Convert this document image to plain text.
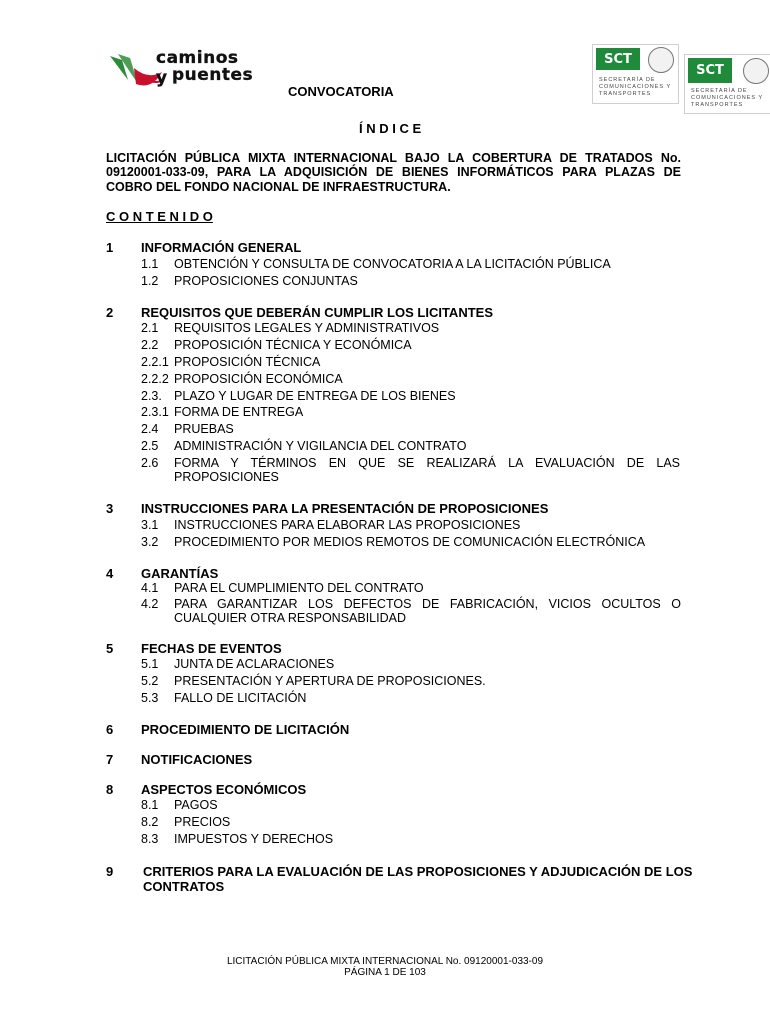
caminos y puentes
SCT
SECRETARÍA DE COMUNICACIONES Y TRANSPORTES
SCT
SECRETARÍA DE COMUNICACIONES Y TRANSPORTES
CONVOCATORIA
Í N D I C E
LICITACIÓN PÚBLICA MIXTA INTERNACIONAL BAJO LA COBERTURA DE TRATADOS No.
09120001-033-09, PARA LA ADQUISICIÓN DE BIENES INFORMÁTICOS PARA PLAZAS DE
COBRO DEL FONDO NACIONAL DE INFRAESTRUCTURA.
C O N T E N I D O
1 INFORMACIÓN GENERAL
1.1 OBTENCIÓN Y CONSULTA DE CONVOCATORIA A LA LICITACIÓN PÚBLICA
1.2 PROPOSICIONES CONJUNTAS
2 REQUISITOS QUE DEBERÁN CUMPLIR LOS LICITANTES
2.1 REQUISITOS LEGALES Y ADMINISTRATIVOS
2.2 PROPOSICIÓN TÉCNICA Y ECONÓMICA
2.2.1 PROPOSICIÓN TÉCNICA
2.2.2 PROPOSICIÓN ECONÓMICA
2.3. PLAZO Y LUGAR DE ENTREGA DE LOS BIENES
2.3.1 FORMA DE ENTREGA
2.4 PRUEBAS
2.5 ADMINISTRACIÓN Y VIGILANCIA DEL CONTRATO
2.6 FORMA Y TÉRMINOS EN QUE SE REALIZARÁ LA EVALUACIÓN DE LAS
PROPOSICIONES
3 INSTRUCCIONES PARA LA PRESENTACIÓN DE PROPOSICIONES
3.1 INSTRUCCIONES PARA ELABORAR LAS PROPOSICIONES
3.2 PROCEDIMIENTO POR MEDIOS REMOTOS DE COMUNICACIÓN ELECTRÓNICA
4 GARANTÍAS
4.1 PARA EL CUMPLIMIENTO DEL CONTRATO
4.2 PARA GARANTIZAR LOS DEFECTOS DE FABRICACIÓN, VICIOS OCULTOS O
CUALQUIER OTRA RESPONSABILIDAD
5 FECHAS DE EVENTOS
5.1 JUNTA DE ACLARACIONES
5.2 PRESENTACIÓN Y APERTURA DE PROPOSICIONES.
5.3 FALLO DE LICITACIÓN
6 PROCEDIMIENTO DE LICITACIÓN
7 NOTIFICACIONES
8 ASPECTOS ECONÓMICOS
8.1 PAGOS
8.2 PRECIOS
8.3 IMPUESTOS Y DERECHOS
9 CRITERIOS PARA LA EVALUACIÓN DE LAS PROPOSICIONES Y ADJUDICACIÓN DE LOS
CONTRATOS
LICITACIÓN PÚBLICA MIXTA INTERNACIONAL No. 09120001-033-09
PÁGINA 1 DE 103
